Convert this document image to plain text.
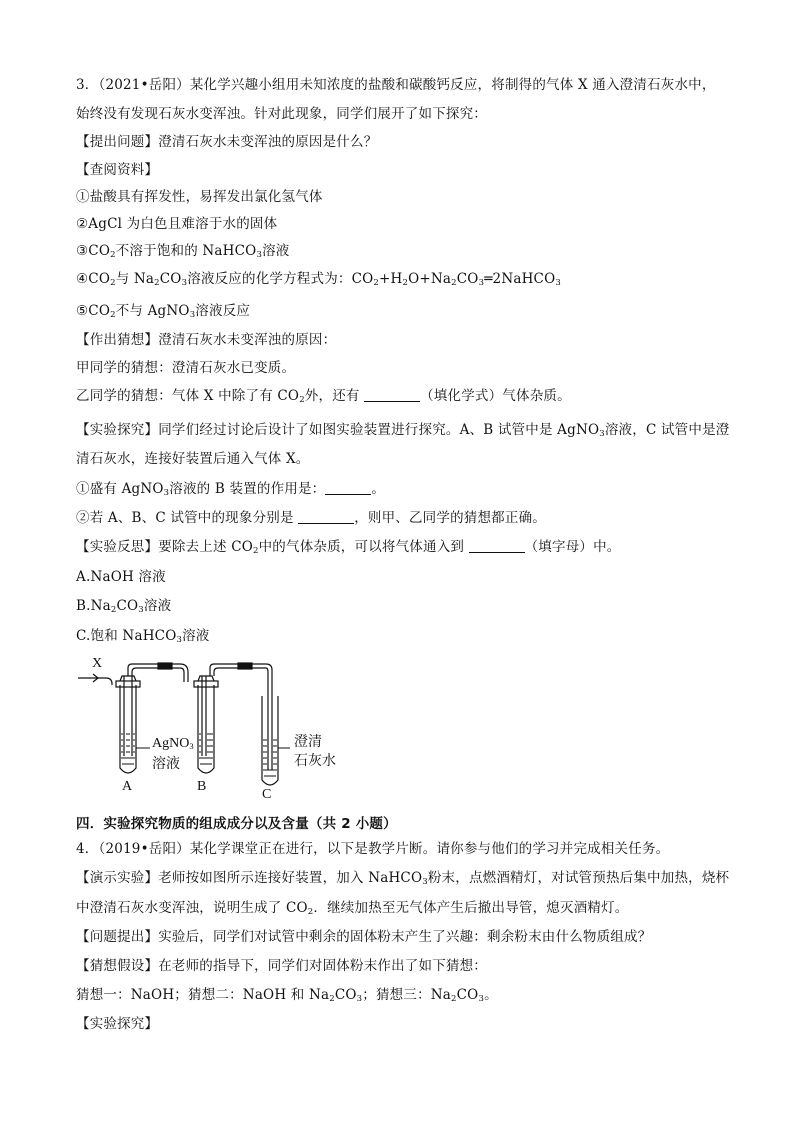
3．（2021•岳阳）某化学兴趣小组用未知浓度的盐酸和碳酸钙反应，将制得的气体 X 通入澄清石灰水中，
始终没有发现石灰水变浑浊。针对此现象，同学们展开了如下探究：
【提出问题】澄清石灰水未变浑浊的原因是什么？
【查阅资料】
①盐酸具有挥发性，易挥发出氯化氢气体
②AgCl 为白色且难溶于水的固体
$③CO_2$不溶于饱和的 NaHCO$_3$溶液
$④CO_2$与 $Na_2CO_3$溶液反应的化学方程式为：$CO_2+H_2O+Na_2CO_3═2NaHCO_3$
$⑤CO_2$不与 AgNO$_3$溶液反应
【作出猜想】澄清石灰水未变浑浊的原因：
甲同学的猜想：澄清石灰水已变质。
乙同学的猜想：气体 X 中除了有 $CO_2$外，还有	（填化学式）气体杂质。
【实验探究】同学们经过讨论后设计了如图实验装置进行探究。A、B 试管中是 AgNO$_3$溶液，C 试管中是澄
清石灰水，连接好装置后通入气体 X。
①盛有 AgNO$_3$溶液的 B 装置的作用是：	。
②若 A、B、C 试管中的现象分别是	，则甲、乙同学的猜想都正确。
【实验反思】要除去上述 $CO_2$中的气体杂质，可以将气体通入到	（填字母）中。
A.NaOH 溶液
$B.Na_2CO_3$溶液
C.饱和 NaHCO$_3$溶液
X
AgNO$_3$
溶液
澄清
石灰水
A	B
C
四．实验探究物质的组成成分以及含量（共 2 小题）
4．（2019•岳阳）某化学课堂正在进行，以下是教学片断。请你参与他们的学习并完成相关任务。
【演示实验】老师按如图所示连接好装置，加入 NaHCO$_3$粉末，点燃酒精灯，对试管预热后集中加热，烧杯
中澄清石灰水变浑浊，说明生成了 $CO_2$．继续加热至无气体产生后撤出导管，熄灭酒精灯。
【问题提出】实验后，同学们对试管中剩余的固体粉末产生了兴趣：剩余粉末由什么物质组成？
【猜想假设】在老师的指导下，同学们对固体粉末作出了如下猜想：
猜想一：NaOH；猜想二：NaOH 和 $Na_2CO_3$；猜想三：$Na_2CO_3$。
【实验探究】
